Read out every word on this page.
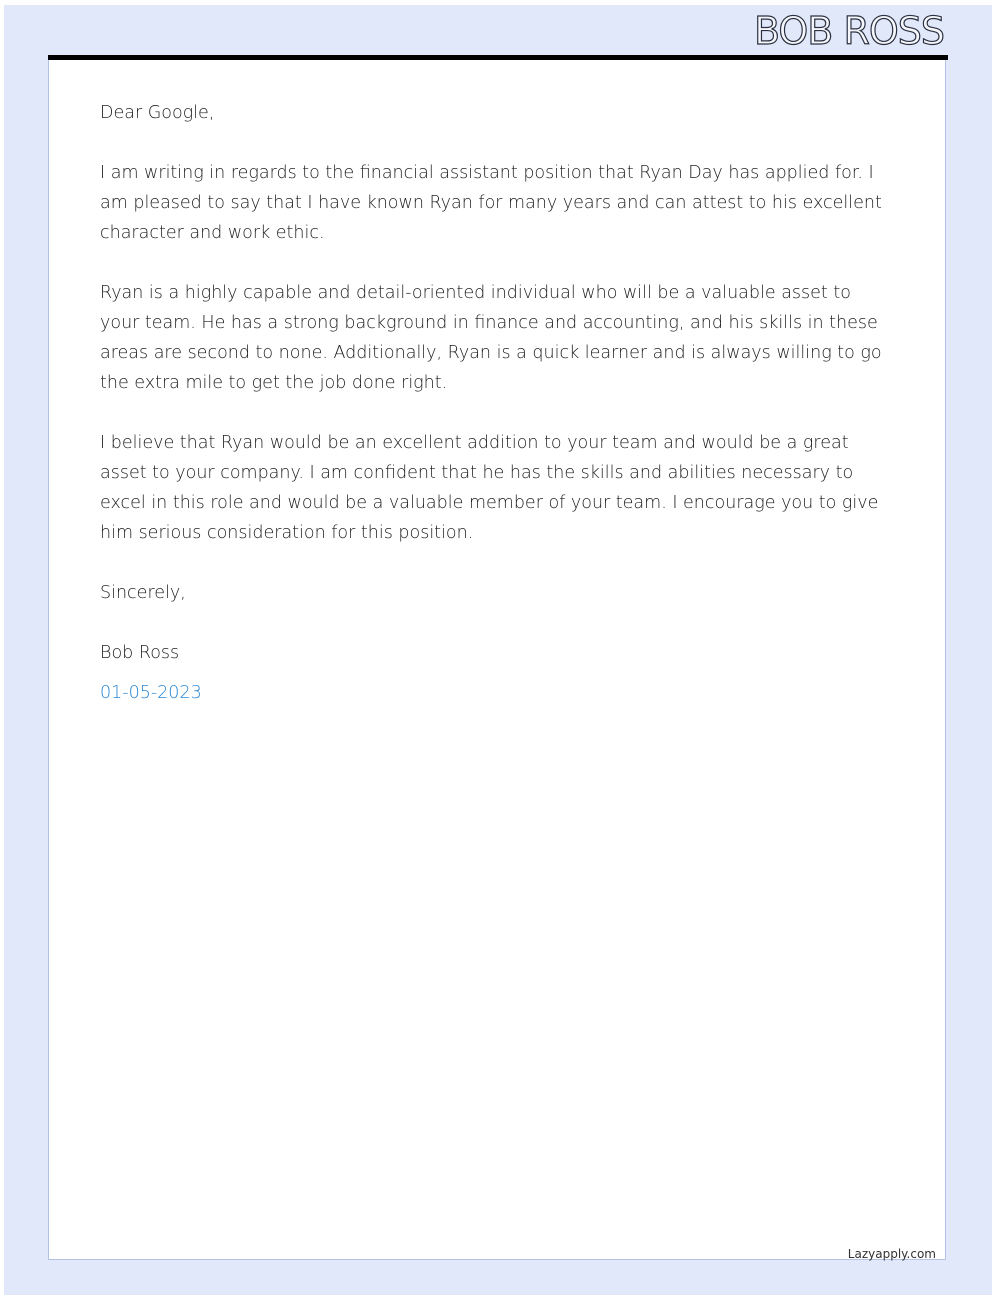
BOB ROSS

Dear Google,

I am writing in regards to the financial assistant position that Ryan Day has applied for. I am pleased to say that I have known Ryan for many years and can attest to his excellent character and work ethic.

Ryan is a highly capable and detail-oriented individual who will be a valuable asset to your team. He has a strong background in finance and accounting, and his skills in these areas are second to none. Additionally, Ryan is a quick learner and is always willing to go the extra mile to get the job done right.

I believe that Ryan would be an excellent addition to your team and would be a great asset to your company. I am confident that he has the skills and abilities necessary to excel in this role and would be a valuable member of your team. I encourage you to give him serious consideration for this position.

Sincerely,

Bob Ross

01-05-2023

Lazyapply.com
